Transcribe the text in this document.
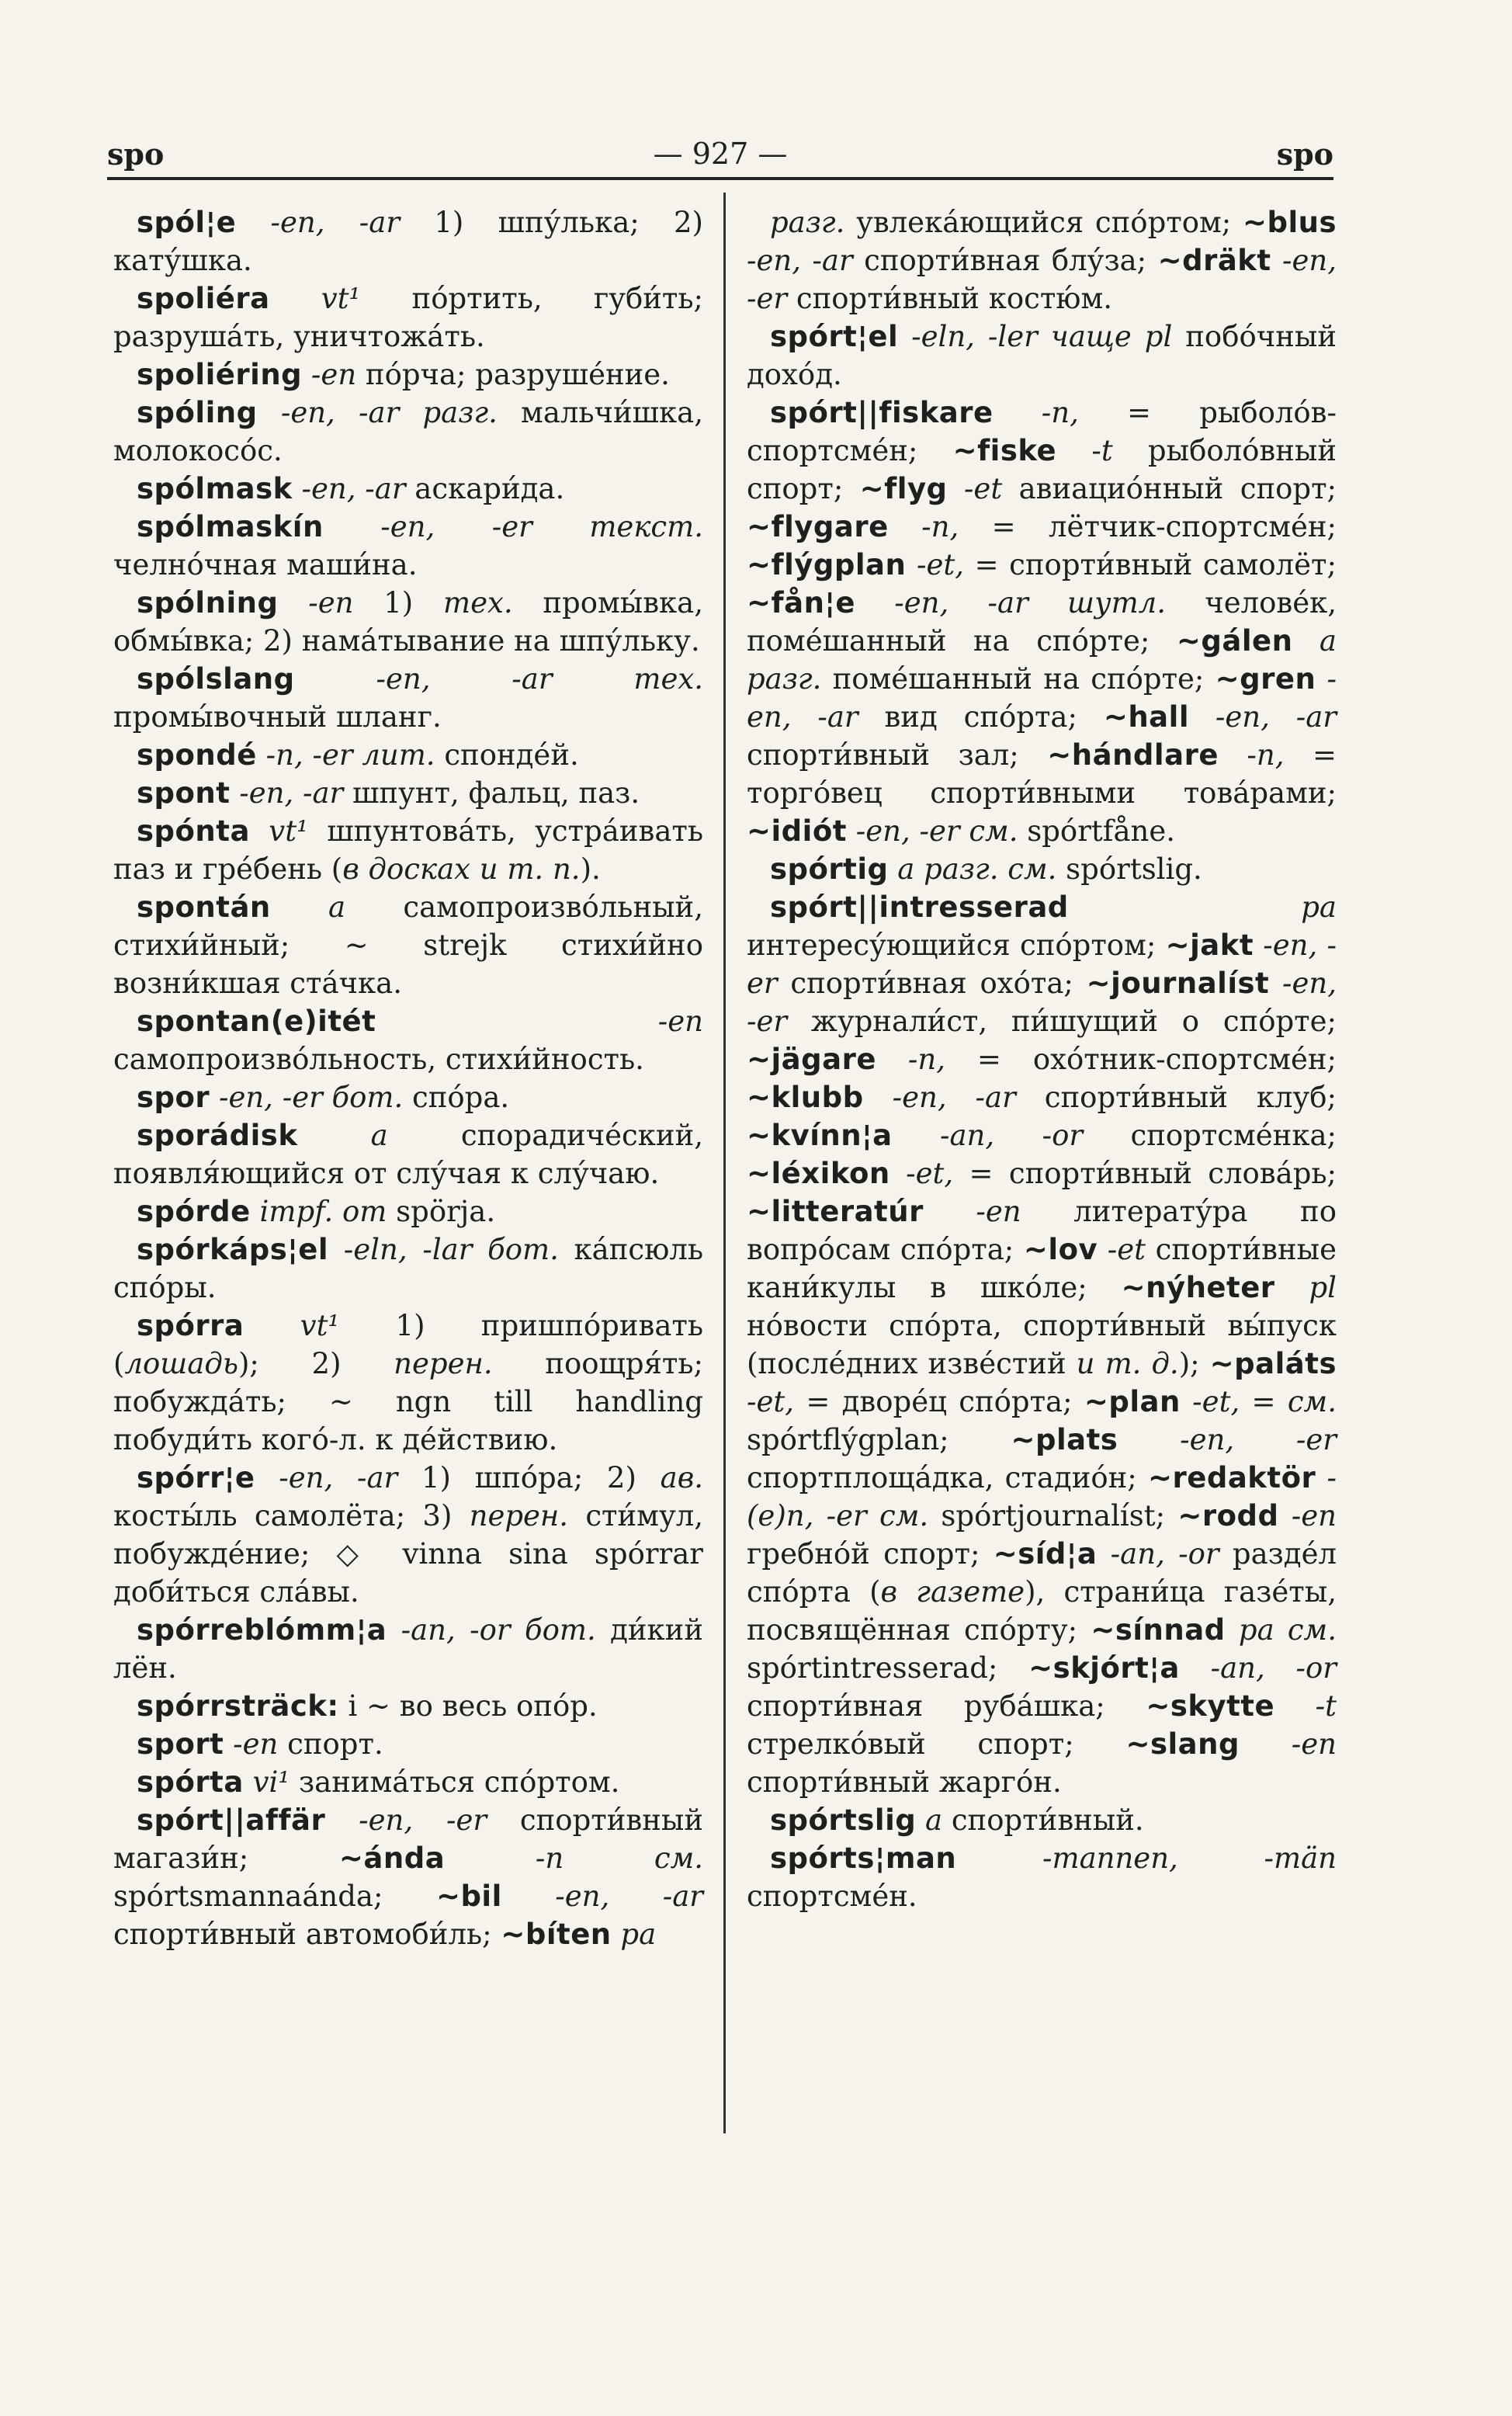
spo	— 927 —	spo

spól¦e -en, -ar 1) шпу́лька; 2) кату́шка.

spoliéra vt¹ по́ртить, губи́ть; разруша́ть, уничтожа́ть.

spoliéring -en по́рча; разруше́ние.

spóling -en, -ar разг. мальчи́шка, молокосо́с.

spólmask -en, -ar аскари́да.

spólmaskín -en, -er текст. челно́чная маши́на.

spólning -en 1) тех. промы́вка, обмы́вка; 2) нама́тывание на шпу́льку.

spólslang -en, -ar тех. промы́вочный шланг.

spondé -n, -er лит. спонде́й.

spont -en, -ar шпунт, фальц, паз.

spónta vt¹ шпунтова́ть, устра́ивать паз и гре́бень (в досках и т. п.).

spontán a самопроизво́льный, стихи́йный; ~ strejk стихи́йно возни́кшая ста́чка.

spontan(e)itét -en самопроизво́льность, стихи́йность.

spor -en, -er бот. спо́ра.

sporádisk a спорадичéский, появля́ющийся от слу́чая к слу́чаю.

spórde impf. от spörja.

spórkáps¦el -eln, -lar бот. ка́псюль спо́ры.

spórra vt¹ 1) пришпо́ривать (лошадь); 2) перен. поощря́ть; побужда́ть; ~ ngn till handling побуди́ть кого́-л. к де́йствию.

spórr¦e -en, -ar 1) шпо́ра; 2) ав. косты́ль самолёта; 3) перен. сти́мул, побужде́ние; ◇ vinna sina spórrar доби́ться сла́вы.

spórreblómm¦a -an, -or бот. ди́кий лён.

spórrsträck: i ~ во весь опо́р.

sport -en спорт.

spórta vi¹ занима́ться спо́ртом.

spórt||affär -en, -er спорти́вный магази́н; ~ánda -n см. spórtsmannaánda; ~bil -en, -ar спорти́вный автомоби́ль; ~bíten pa

разг. увлека́ющийся спо́ртом; ~blus -en, -ar спорти́вная блу́за; ~dräkt -en, -er спорти́вный костю́м.

spórt¦el -eln, -ler чаще pl побо́чный дохо́д.

spórt||fiskare -n, = рыболо́в-спортсме́н; ~fiske -t рыболо́вный спорт; ~flyg -et авиацио́нный спорт; ~flygare -n, = лётчик-спортсме́н; ~flýgplan -et, = спорти́вный самолёт; ~fån¦e -en, -ar шутл. челове́к, поме́шанный на спо́рте; ~gálen a разг. поме́шанный на спо́рте; ~gren -en, -ar вид спо́рта; ~hall -en, -ar спорти́вный зал; ~hándlare -n, = торго́вец спорти́вными това́рами; ~idiót -en, -er см. spórtfåne.

spórtig a разг. см. spórtslig.

spórt||intresserad pa интересу́ющийся спо́ртом; ~jakt -en, -er спорти́вная охо́та; ~journalíst -en, -er журнали́ст, пи́шущий о спо́рте; ~jägare -n, = охо́тник-спортсме́н; ~klubb -en, -ar спорти́вный клуб; ~kvínn¦a -an, -or спортсме́нка; ~léxikon -et, = спорти́вный слова́рь; ~litteratúr -en литерату́ра по вопро́сам спо́рта; ~lov -et спорти́вные кани́кулы в шко́ле; ~nýheter pl но́вости спо́рта, спорти́вный вы́пуск (после́дних изве́стий и т. д.); ~paláts -et, = дворе́ц спо́рта; ~plan -et, = см. spórtflýgplan; ~plats -en, -er спортплоща́дка, стадио́н; ~redaktör -(e)n, -er см. spórtjournalíst; ~rodd -en гребно́й спорт; ~síd¦a -an, -or разде́л спо́рта (в газете), страни́ца газе́ты, посвящённая спо́рту; ~sínnad pa см. spórtintresserad; ~skjórt¦a -an, -or спорти́вная руба́шка; ~skytte -t стрелко́вый спорт; ~slang -en спорти́вный жарго́н.

spórtslig a спорти́вный.

spórts¦man -mannen, -män спортсме́н.
